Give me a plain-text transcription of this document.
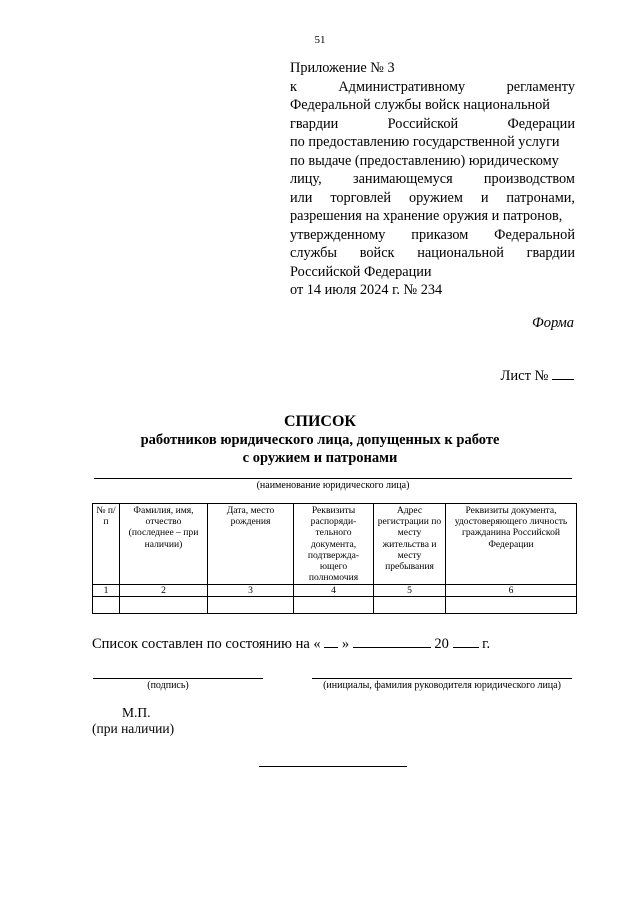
51
Приложение № 3
к	Административному	регламенту
Федеральной службы войск национальной
гвардии	Российской	Федерации
по предоставлению государственной услуги
по выдаче (предоставлению) юридическому
лицу, занимающемуся производством
или торговлей оружием и патронами,
разрешения на хранение оружия и патронов,
утвержденному приказом Федеральной
службы войск национальной гвардии
Российской Федерации
от 14 июля 2024 г. № 234
Форма
Лист №
СПИСОК
работников юридического лица, допущенных к работе
с оружием и патронами
(наименование юридического лица)
№ п/п	Фамилия, имя, отчество (последнее – при наличии)	Дата, место рождения	Реквизиты распоряди-тельного документа, подтвержда-ющего полномочия	Адрес регистрации по месту жительства и месту пребывания	Реквизиты документа, удостоверяющего личность гражданина Российской Федерации
1	2	3	4	5	6

Список составлен по состоянию на « »	20 г.
(подпись)	(инициалы, фамилия руководителя юридического лица)
М.П.
(при наличии)
